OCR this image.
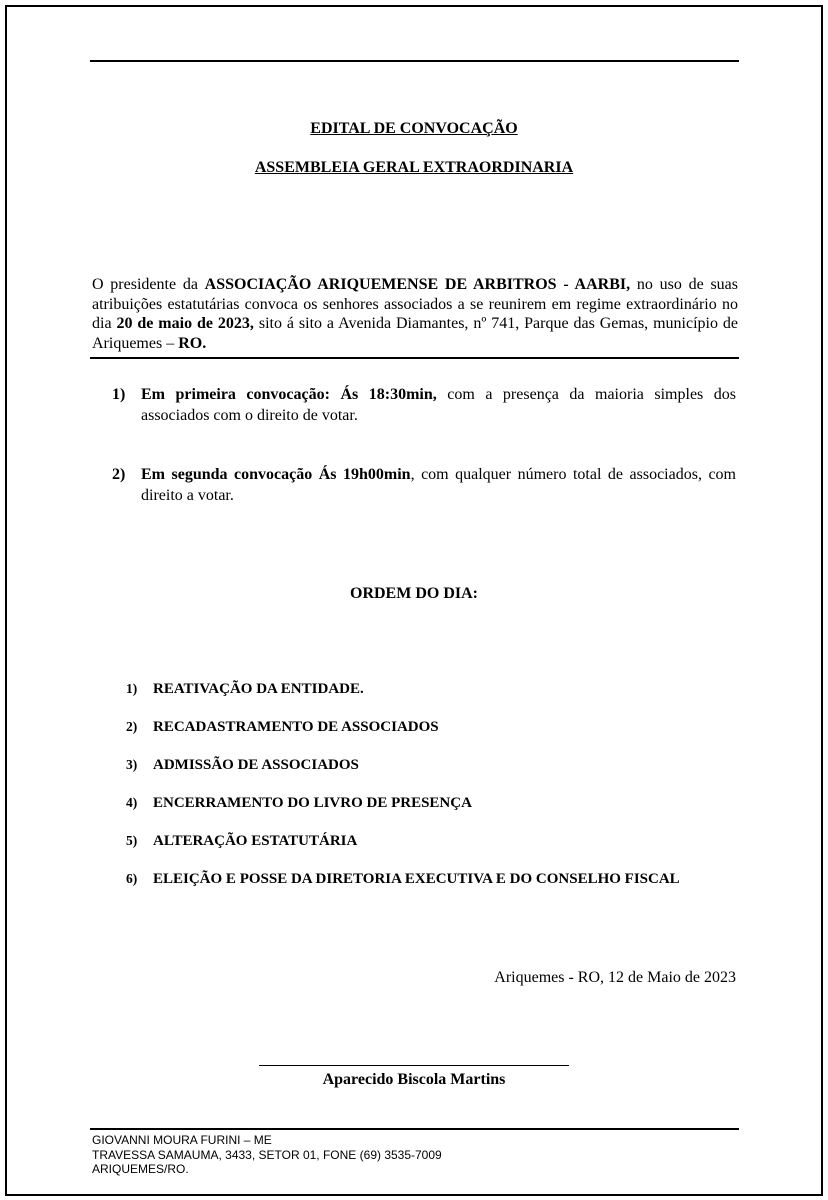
EDITAL DE CONVOCAÇÃO
ASSEMBLEIA GERAL EXTRAORDINARIA
O presidente da ASSOCIAÇÃO ARIQUEMENSE DE ARBITROS - AARBI, no uso de suas atribuições estatutárias convoca os senhores associados a se reunirem em regime extraordinário no dia 20 de maio de 2023, sito á sito a Avenida Diamantes, nº 741, Parque das Gemas, município de Ariquemes – RO.
1) Em primeira convocação: Ás 18:30min, com a presença da maioria simples dos associados com o direito de votar.
2) Em segunda convocação Ás 19h00min, com qualquer número total de associados, com direito a votar.
ORDEM DO DIA:
1) REATIVAÇÃO DA ENTIDADE.
2) RECADASTRAMENTO DE ASSOCIADOS
3) ADMISSÃO DE ASSOCIADOS
4) ENCERRAMENTO DO LIVRO DE PRESENÇA
5) ALTERAÇÃO ESTATUTÁRIA
6) ELEIÇÃO E POSSE DA DIRETORIA EXECUTIVA E DO CONSELHO FISCAL
Ariquemes - RO, 12 de Maio de 2023
Aparecido Biscola Martins
GIOVANNI MOURA FURINI – ME
TRAVESSA SAMAUMA, 3433, SETOR 01, FONE (69) 3535-7009
ARIQUEMES/RO.
